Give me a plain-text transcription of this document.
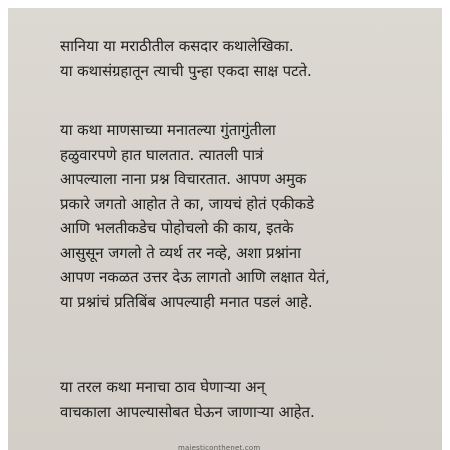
सानिया या मराठीतील कसदार कथालेखिका.
या कथासंग्रहातून त्याची पुन्हा एकदा साक्ष पटते.

या कथा माणसाच्या मनातल्या गुंतागुंतीला
हळुवारपणे हात घालतात. त्यातली पात्रं
आपल्याला नाना प्रश्न विचारतात. आपण अमुक
प्रकारे जगतो आहोत ते का, जायचं होतं एकीकडे
आणि भलतीकडेच पोहोचलो की काय, इतके
आसुसून जगलो ते व्यर्थ तर नव्हे, अशा प्रश्नांना
आपण नकळत उत्तर देऊ लागतो आणि लक्षात येतं,
या प्रश्नांचं प्रतिबिंब आपल्याही मनात पडलं आहे.

या तरल कथा मनाचा ठाव घेणाऱ्या अन्
वाचकाला आपल्यासोबत घेऊन जाणाऱ्या आहेत.

majesticonthenet.com
